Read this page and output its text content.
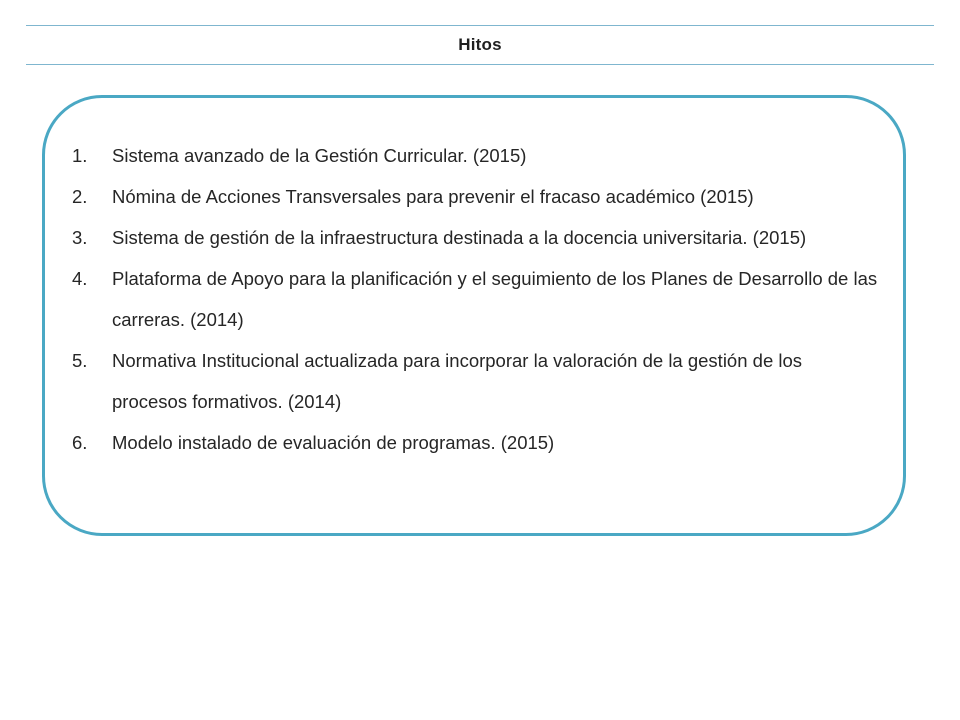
Hitos
1.	Sistema avanzado de la Gestión Curricular. (2015)
2.	Nómina de Acciones Transversales para prevenir el fracaso académico (2015)
3.	Sistema de gestión de la infraestructura destinada a la docencia universitaria. (2015)
4.	Plataforma de Apoyo para la planificación y el seguimiento de los Planes de Desarrollo de las carreras. (2014)
5.	Normativa Institucional actualizada para incorporar la valoración de la gestión de los procesos formativos. (2014)
6.	Modelo instalado de evaluación de programas. (2015)
